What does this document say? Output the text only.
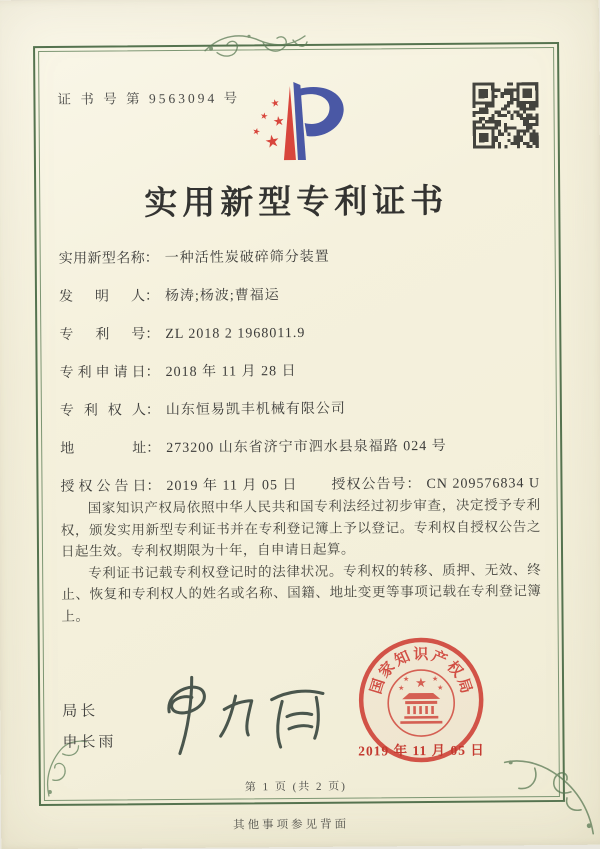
证 书 号 第 9563094 号	★
★ ★
★ ★
实用新型专利证书
实用新型名称： 一种活性炭破碎筛分装置
发明人： 杨涛;杨波;曹福运
专利号： ZL 2018 2 1968011.9
专利申请日： 2018 年 11 月 28 日
专利权人： 山东恒易凯丰机械有限公司
地址： 273200 山东省济宁市泗水县泉福路 024 号
授权公告日： 2019 年 11 月 05 日 授权公告号： CN 209576834 U

国家知识产权局依照中华人民共和国专利法经过初步审查，决定授予专利权，颁发实用新型专利证书并在专利登记簿上予以登记。专利权自授权公告之日起生效。专利权期限为十年，自申请日起算。

专利证书记载专利权登记时的法律状况。专利权的转移、质押、无效、终止、恢复和专利权人的姓名或名称、国籍、地址变更等事项记载在专利登记簿上。

局长
申长雨
★
★	★
★	★
国
家
知 识 产
权
局
2019 年 11 月 05 日
第 1 页 (共 2 页)
其他事项参见背面
